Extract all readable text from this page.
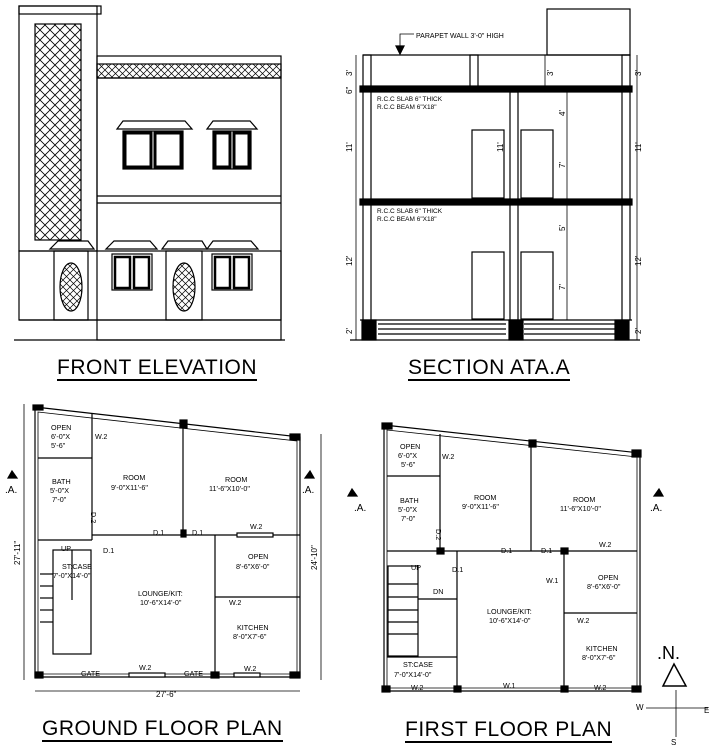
PARAPET WALL 3'-0" HIGH
R.C.C SLAB 6" THICK
R.C.C BEAM 6"X18"
R.C.C SLAB 6" THICK
R.C.C BEAM 6"X18"
3'	3'	3'
6"
11'
4'
11'
7'
11'
12'
5'
7'
12'
2'	2'
OPEN
6'-0"X 5'-6"
BATH
5'-0"X
7'-0"
ROOM
9'-0"X11'-6"
ROOM
11'-6"X10'-0"
OPEN
8'-6"X6'-0"
KITCHEN
8'-0"X7'-6"
LOUNGE/KIT:
10'-6"X14'-0"
ST:CASE
7'-0"X14'-0"
UP
W.2
W.2
W.2
W.2	W.2
D.1	D.1
D.1
GATE	GATE
D.2
.A.	.A.
27'-11"	24'-10"
27'-6"
OPEN
6'-0"X
5'-6"
BATH
5'-0"X
7'-0"
ROOM
9'-0"X11'-6"
ROOM
11'-6"X10'-0"
OPEN
8'-6"X6'-0"
KITCHEN
8'-0"X7'-6"
LOUNGE/KIT:
10'-6"X14'-0"
ST:CASE
7'-0"X14'-0"
UP
DN
W.2
W.2
W.2
W.2	W.2
W.1
W.1
D.1	D.1
D.1
D.2
.A.	.A.
.N.
W	E
S
FRONT ELEVATION	SECTION ATA.A
GROUND FLOOR PLAN	FIRST FLOOR PLAN
